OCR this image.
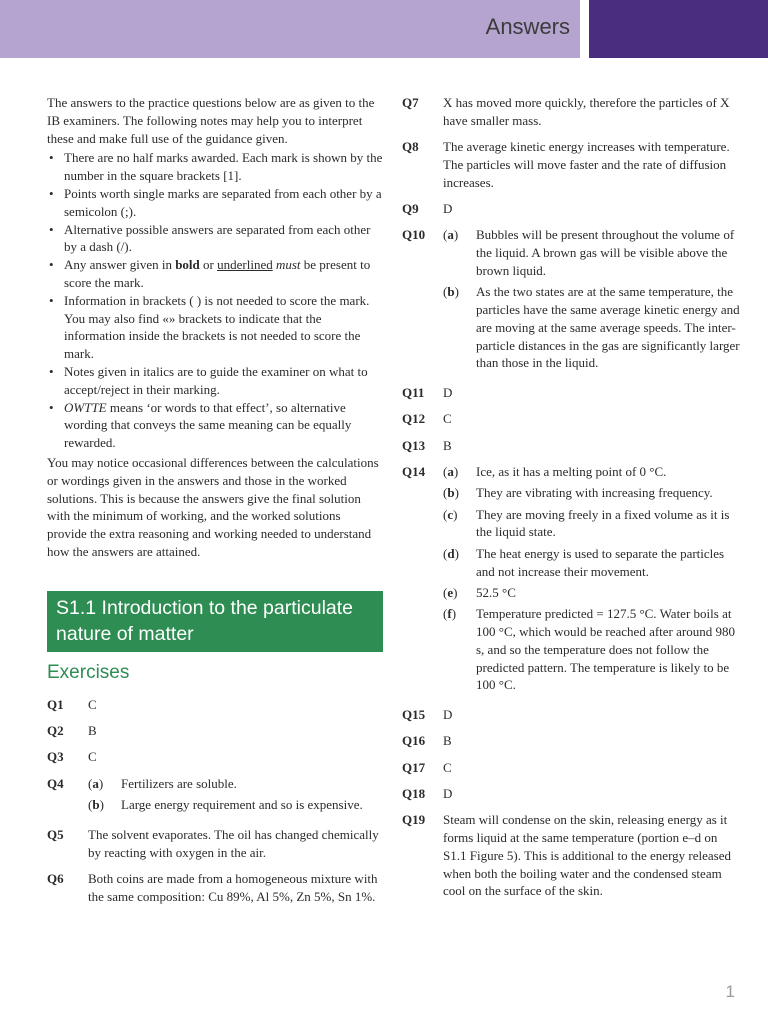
Answers

The answers to the practice questions below are as given to the IB examiners. The following notes may help you to interpret these and make full use of the guidance given.

• There are no half marks awarded. Each mark is shown by the number in the square brackets [1].
• Points worth single marks are separated from each other by a semicolon (;).
• Alternative possible answers are separated from each other by a dash (/).
• Any answer given in bold or underlined must be present to score the mark.
• Information in brackets ( ) is not needed to score the mark. You may also find «» brackets to indicate that the information inside the brackets is not needed to score the mark.
• Notes given in italics are to guide the examiner on what to accept/reject in their marking.
• OWTTE means ‘or words to that effect’, so alternative wording that conveys the same meaning can be equally rewarded.

You may notice occasional differences between the calculations or wordings given in the answers and those in the worked solutions. This is because the answers give the final solution with the minimum of working, and the worked solutions provide the extra reasoning and working needed to understand how the answers are attained.

S1.1 Introduction to the particulate nature of matter
Exercises
Q1	C
Q2	B
Q3	C
Q4	(a)	Fertilizers are soluble.
(b)	Large energy requirement and so is expensive.
Q5	The solvent evaporates. The oil has changed chemically by reacting with oxygen in the air.
Q6	Both coins are made from a homogeneous mixture with the same composition: Cu 89%, Al 5%, Zn 5%, Sn 1%.
Q7	X has moved more quickly, therefore the particles of X have smaller mass.
Q8	The average kinetic energy increases with temperature. The particles will move faster and the rate of diffusion increases.
Q9	D
Q10	(a)	Bubbles will be present throughout the volume of the liquid. A brown gas will be visible above the brown liquid.
(b)	As the two states are at the same temperature, the particles have the same average kinetic energy and are moving at the same average speeds. The inter-particle distances in the gas are significantly larger than those in the liquid.
Q11	D
Q12	C
Q13	B
Q14	(a)	Ice, as it has a melting point of 0 °C.
(b)	They are vibrating with increasing frequency.
(c)	They are moving freely in a fixed volume as it is the liquid state.
(d)	The heat energy is used to separate the particles and not increase their movement.
(e)	52.5 °C
(f)	Temperature predicted = 127.5 °C. Water boils at 100 °C, which would be reached after around 980 s, and so the temperature does not follow the predicted pattern. The temperature is likely to be 100 °C.
Q15	D
Q16	B
Q17	C
Q18	D
Q19	Steam will condense on the skin, releasing energy as it forms liquid at the same temperature (portion e–d on S1.1 Figure 5). This is additional to the energy released when both the boiling water and the condensed steam cool on the surface of the skin.
1
